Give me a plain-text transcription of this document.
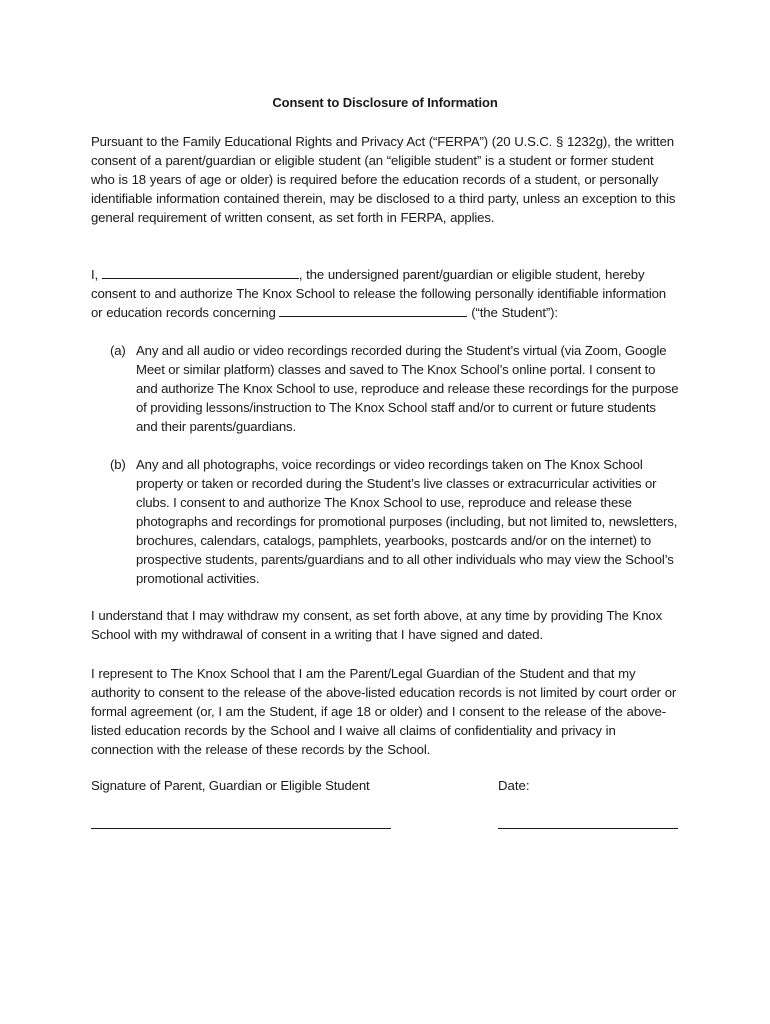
Consent to Disclosure of Information
Pursuant to the Family Educational Rights and Privacy Act (“FERPA”) (20 U.S.C. § 1232g), the written consent of a parent/guardian or eligible student (an “eligible student” is a student or former student who is 18 years of age or older) is required before the education records of a student, or personally identifiable information contained therein, may be disclosed to a third party, unless an exception to this general requirement of written consent, as set forth in FERPA, applies.
I,	, the undersigned parent/guardian or eligible student, hereby consent to and authorize The Knox School to release the following personally identifiable information or education records concerning	(“the Student”):
(a) Any and all audio or video recordings recorded during the Student’s virtual (via Zoom, Google Meet or similar platform) classes and saved to The Knox School’s online portal. I consent to and authorize The Knox School to use, reproduce and release these recordings for the purpose of providing lessons/instruction to The Knox School staff and/or to current or future students and their parents/guardians.
(b) Any and all photographs, voice recordings or video recordings taken on The Knox School property or taken or recorded during the Student’s live classes or extracurricular activities or clubs. I consent to and authorize The Knox School to use, reproduce and release these photographs and recordings for promotional purposes (including, but not limited to, newsletters, brochures, calendars, catalogs, pamphlets, yearbooks, postcards and/or on the internet) to prospective students, parents/guardians and to all other individuals who may view the School’s promotional activities.
I understand that I may withdraw my consent, as set forth above, at any time by providing The Knox School with my withdrawal of consent in a writing that I have signed and dated.
I represent to The Knox School that I am the Parent/Legal Guardian of the Student and that my authority to consent to the release of the above-listed education records is not limited by court order or formal agreement (or, I am the Student, if age 18 or older) and I consent to the release of the above-listed education records by the School and I waive all claims of confidentiality and privacy in connection with the release of these records by the School.
Signature of Parent, Guardian or Eligible Student	Date:
